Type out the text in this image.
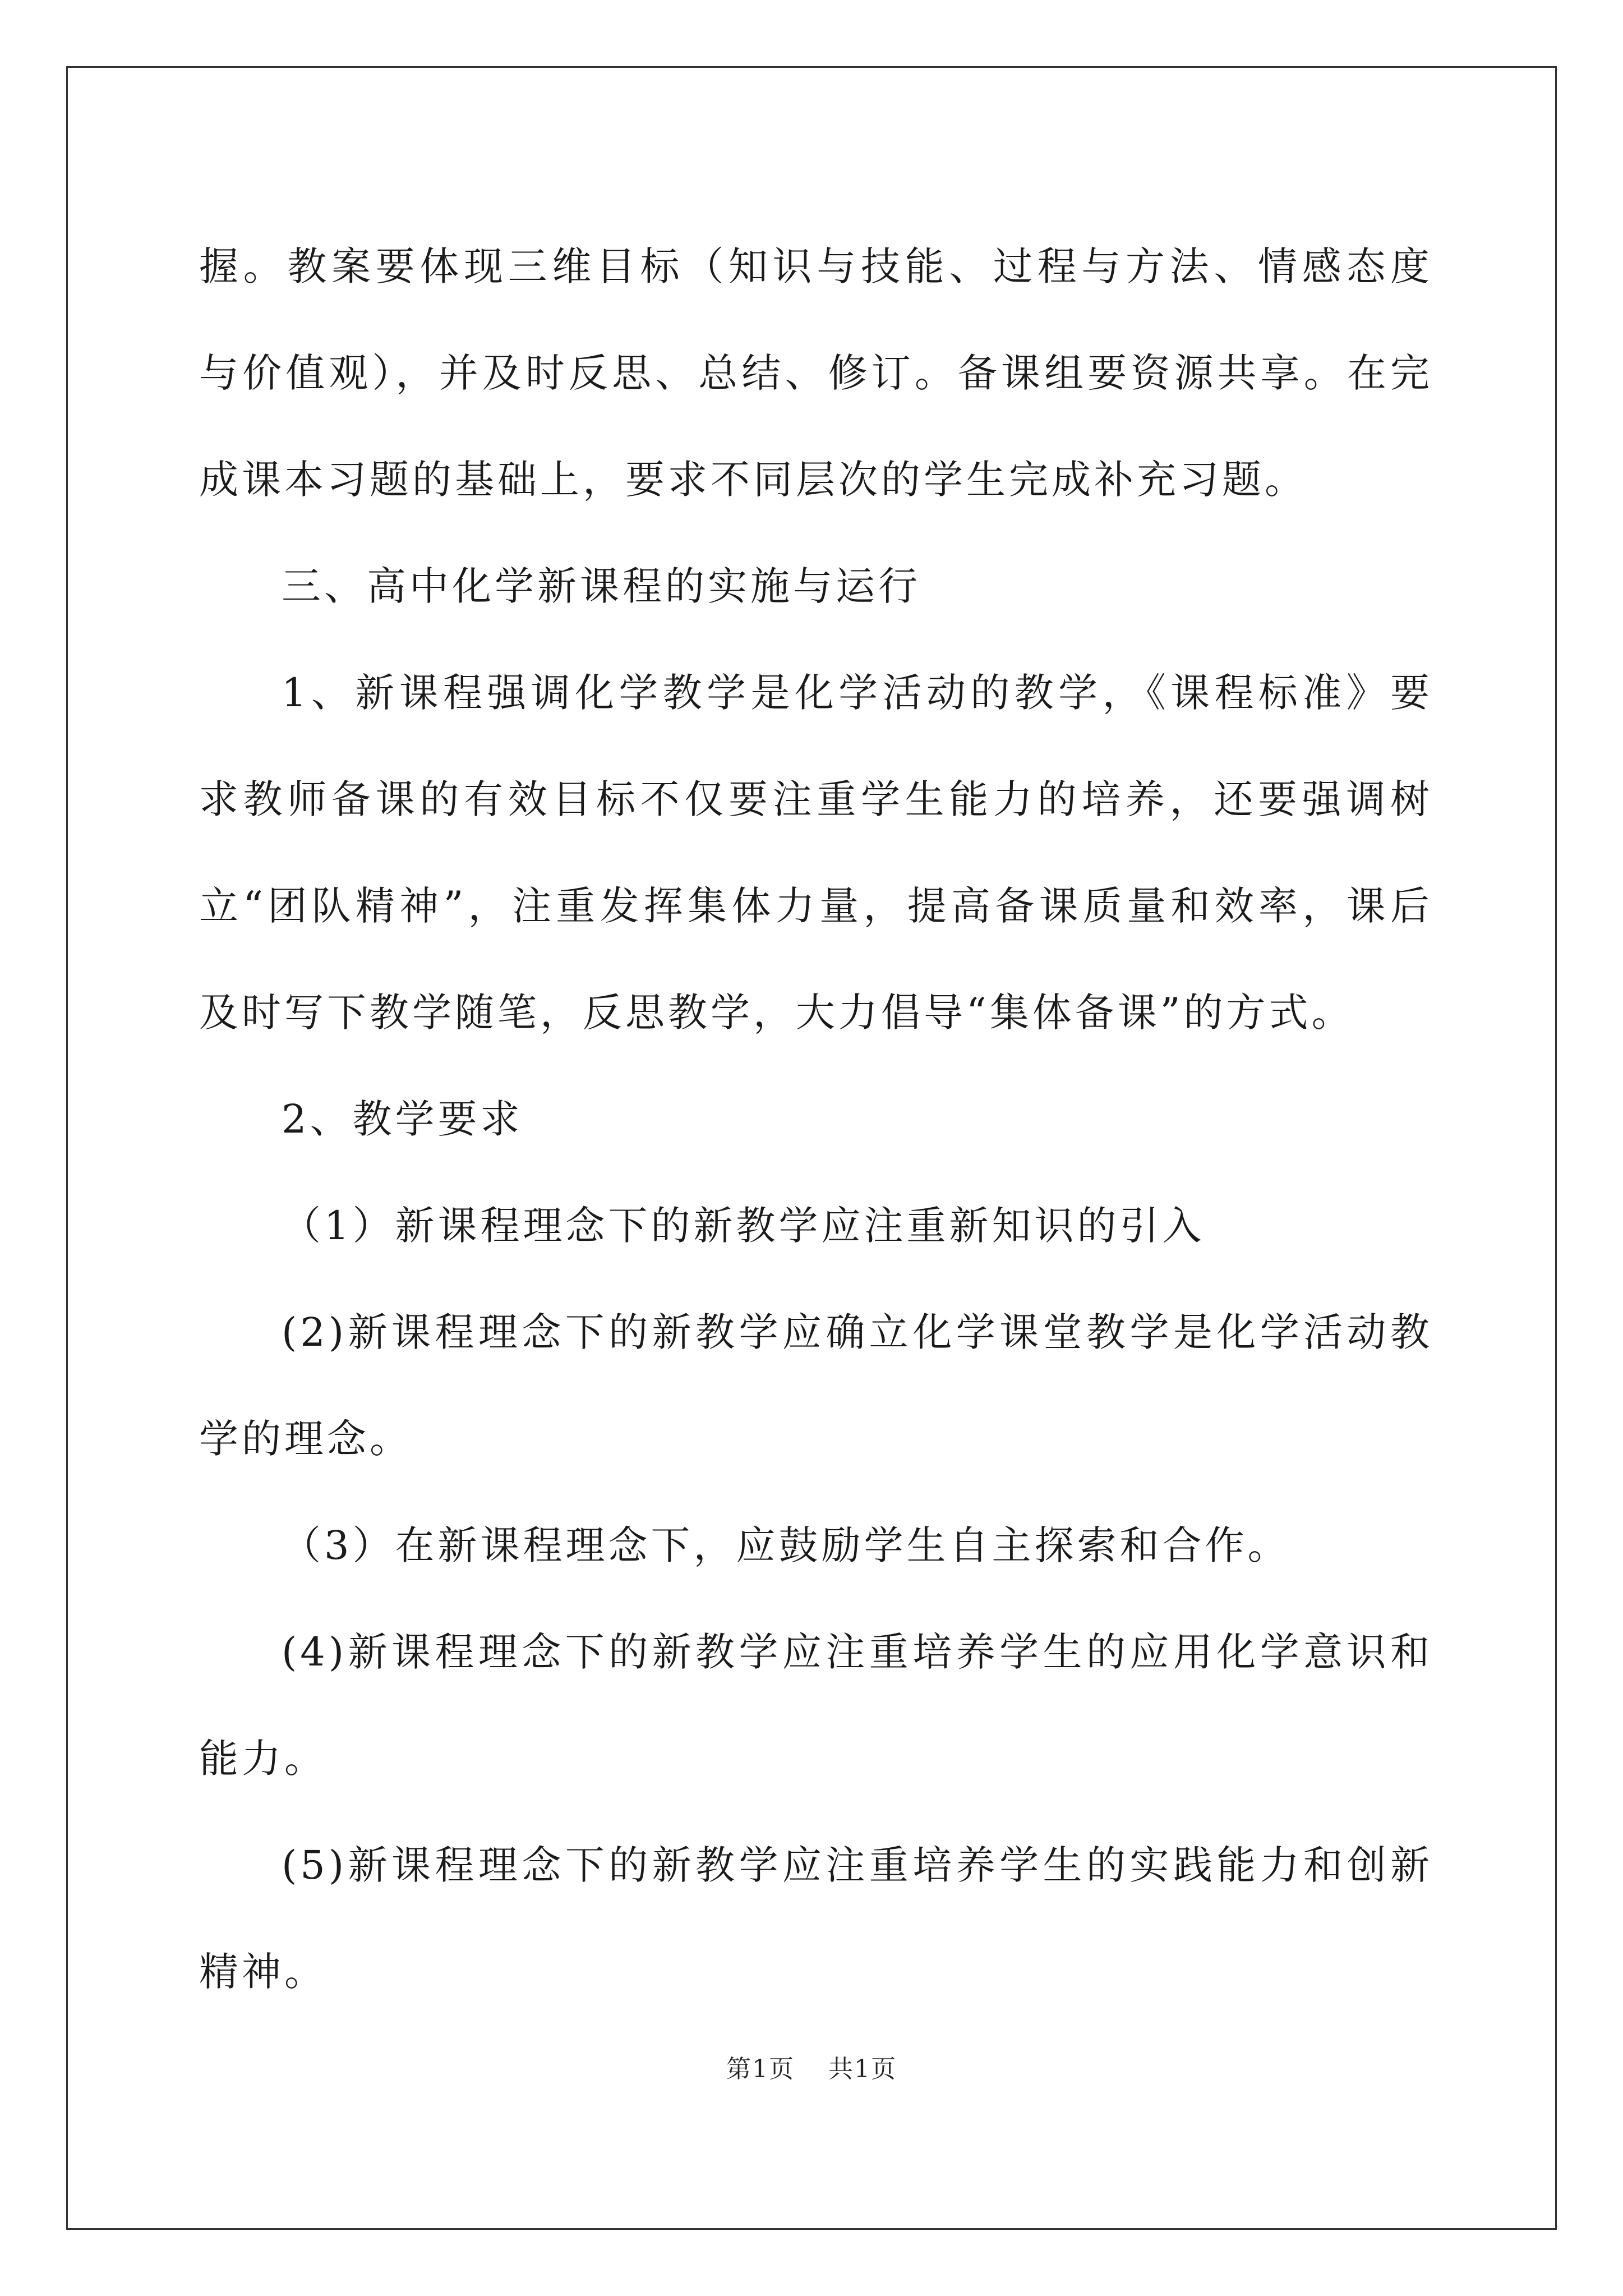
握。教案要体现三维目标（知识与技能、过程与方法、情感态度与价值观），并及时反思、总结、修订。备课组要资源共享。在完成课本习题的基础上，要求不同层次的学生完成补充习题。

三、高中化学新课程的实施与运行

1、新课程强调化学教学是化学活动的教学，《课程标准》要求教师备课的有效目标不仅要注重学生能力的培养，还要强调树立“团队精神”，注重发挥集体力量，提高备课质量和效率，课后及时写下教学随笔，反思教学，大力倡导“集体备课”的方式。

2、教学要求

（1）新课程理念下的新教学应注重新知识的引入

(2)新课程理念下的新教学应确立化学课堂教学是化学活动教学的理念。

（3）在新课程理念下，应鼓励学生自主探索和合作。

(4)新课程理念下的新教学应注重培养学生的应用化学意识和能力。

(5)新课程理念下的新教学应注重培养学生的实践能力和创新精神。

第1页 共1页
